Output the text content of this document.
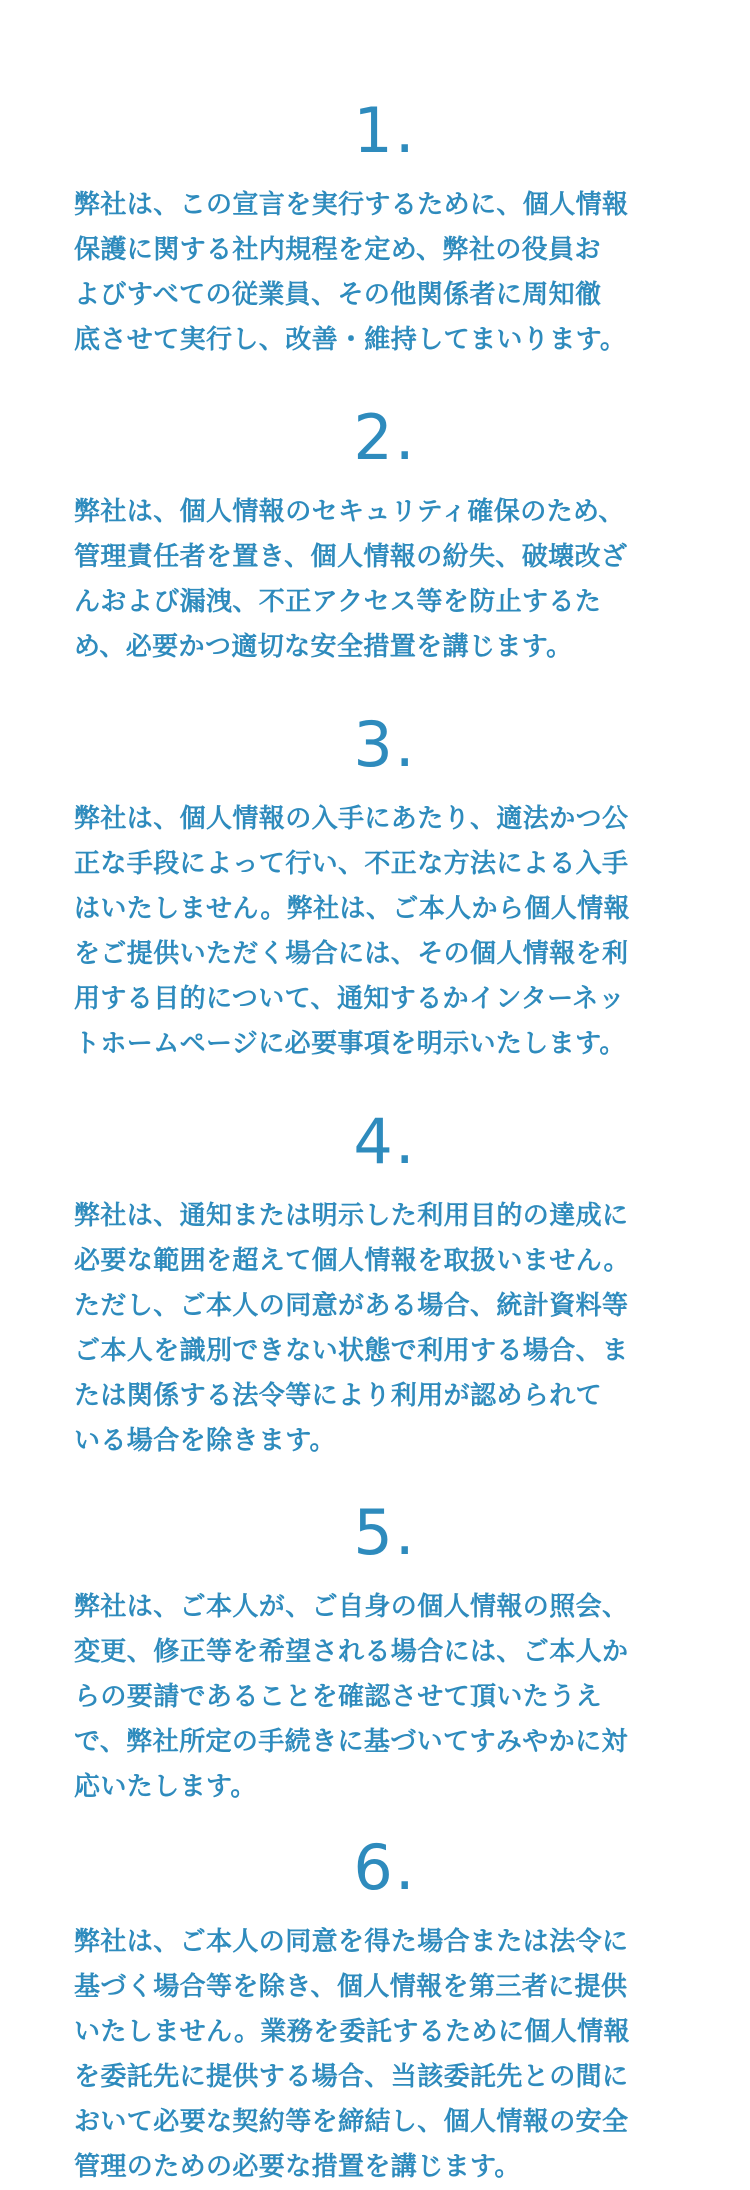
1.
弊社は、この宣言を実行するために、個人情報
保護に関する社内規程を定め、弊社の役員お
よびすべての従業員、その他関係者に周知徹
底させて実行し、改善・維持してまいります。
2.
弊社は、個人情報のセキュリティ確保のため、
管理責任者を置き、個人情報の紛失、破壊改ざ
んおよび漏洩、不正アクセス等を防止するた
め、必要かつ適切な安全措置を講じます。
3.
弊社は、個人情報の入手にあたり、適法かつ公
正な手段によって行い、不正な方法による入手
はいたしません。弊社は、ご本人から個人情報
をご提供いただく場合には、その個人情報を利
用する目的について、通知するかインターネッ
トホームページに必要事項を明示いたします。
4.
弊社は、通知または明示した利用目的の達成に
必要な範囲を超えて個人情報を取扱いません。
ただし、ご本人の同意がある場合、統計資料等
ご本人を識別できない状態で利用する場合、ま
たは関係する法令等により利用が認められて
いる場合を除きます。
5.
弊社は、ご本人が、ご自身の個人情報の照会、
変更、修正等を希望される場合には、ご本人か
らの要請であることを確認させて頂いたうえ
で、弊社所定の手続きに基づいてすみやかに対
応いたします。
6.
弊社は、ご本人の同意を得た場合または法令に
基づく場合等を除き、個人情報を第三者に提供
いたしません。業務を委託するために個人情報
を委託先に提供する場合、当該委託先との間に
おいて必要な契約等を締結し、個人情報の安全
管理のための必要な措置を講じます。
